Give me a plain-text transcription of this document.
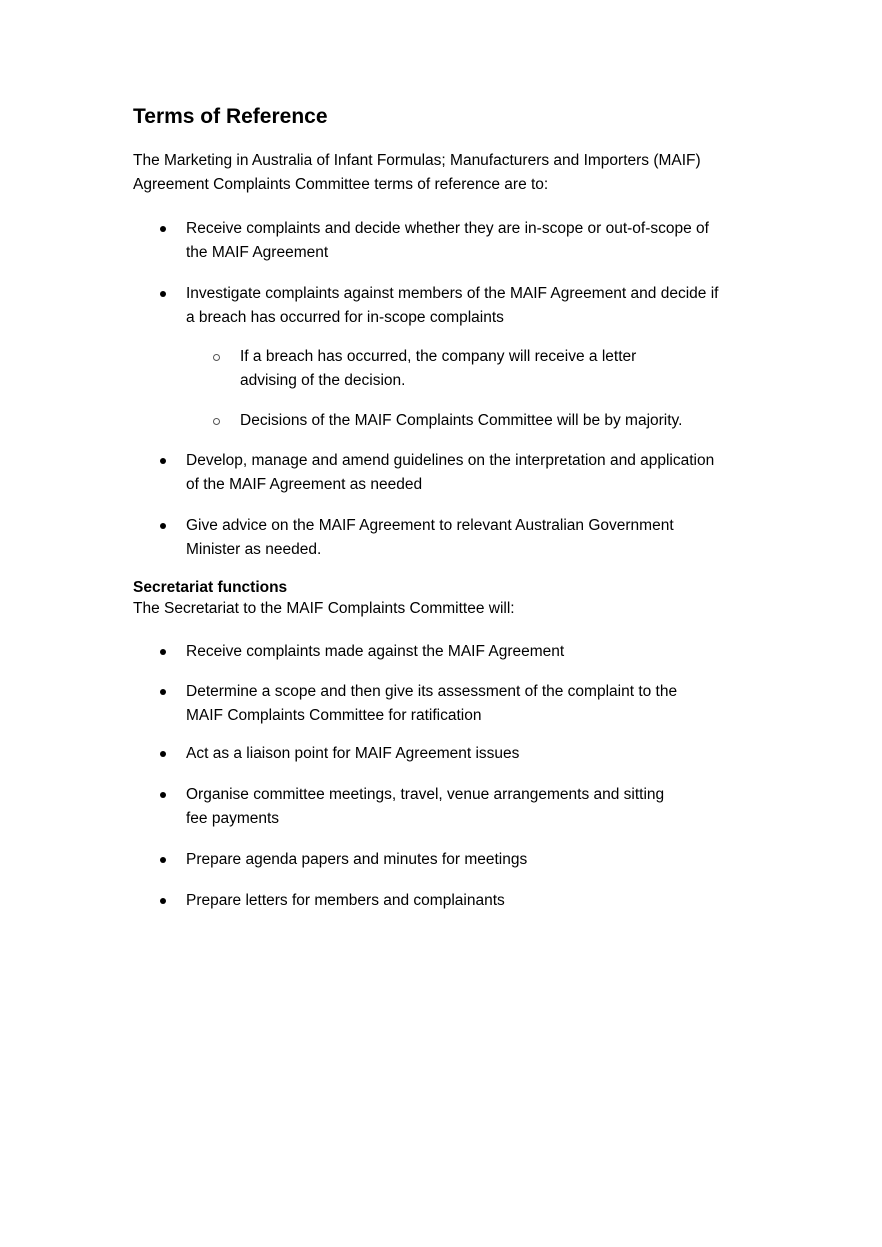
Terms of Reference

The Marketing in Australia of Infant Formulas; Manufacturers and Importers (MAIF)
Agreement Complaints Committee terms of reference are to:

Receive complaints and decide whether they are in-scope or out-of-scope of
the MAIF Agreement
Investigate complaints against members of the MAIF Agreement and decide if
a breach has occurred for in-scope complaints
If a breach has occurred, the company will receive a letter
advising of the decision.
Decisions of the MAIF Complaints Committee will be by majority.
Develop, manage and amend guidelines on the interpretation and application
of the MAIF Agreement as needed
Give advice on the MAIF Agreement to relevant Australian Government
Minister as needed.
Secretariat functions

The Secretariat to the MAIF Complaints Committee will:

Receive complaints made against the MAIF Agreement
Determine a scope and then give its assessment of the complaint to the
MAIF Complaints Committee for ratification
Act as a liaison point for MAIF Agreement issues
Organise committee meetings, travel, venue arrangements and sitting
fee payments
Prepare agenda papers and minutes for meetings
Prepare letters for members and complainants
